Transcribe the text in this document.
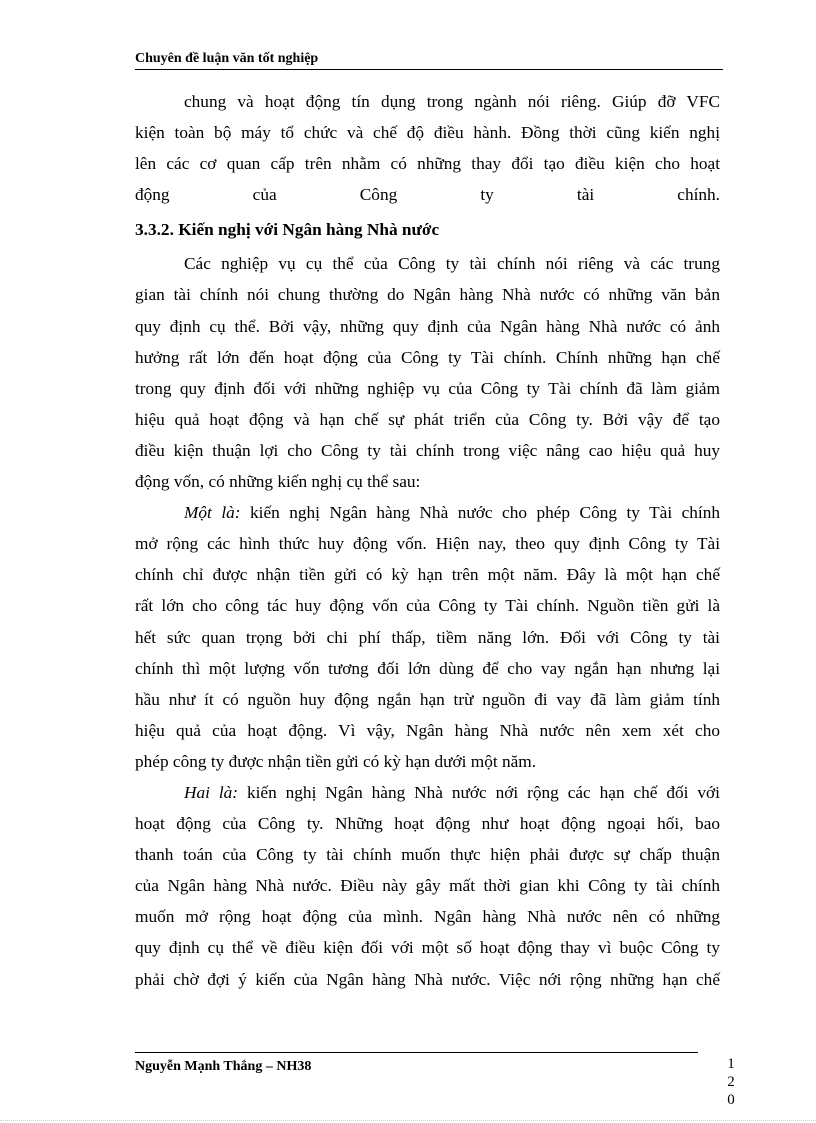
Chuyên đề luận văn tốt nghiệp
chung và hoạt động tín dụng trong ngành nói riêng. Giúp đỡ VFC
kiện toàn bộ máy tổ chức và chế độ điều hành. Đồng thời cũng kiến nghị
lên các cơ quan cấp trên nhằm có những thay đổi tạo điều kiện cho hoạt
động của Công ty tài chính.
3.3.2. Kiến nghị với Ngân hàng Nhà nước
Các nghiệp vụ cụ thể của Công ty tài chính nói riêng và các trung
gian tài chính nói chung thường do Ngân hàng Nhà nước có những văn bản
quy định cụ thể. Bởi vậy, những quy định của Ngân hàng Nhà nước có ảnh
hưởng rất lớn đến hoạt động của Công ty Tài chính. Chính những hạn chế
trong quy định đối với những nghiệp vụ của Công ty Tài chính đã làm giảm
hiệu quả hoạt động và hạn chế sự phát triển của Công ty. Bởi vậy để tạo
điều kiện thuận lợi cho Công ty tài chính trong việc nâng cao hiệu quả huy
động vốn, có những kiến nghị cụ thể sau:
Một là: kiến nghị Ngân hàng Nhà nước cho phép Công ty Tài chính
mở rộng các hình thức huy động vốn. Hiện nay, theo quy định Công ty Tài
chính chỉ được nhận tiền gửi có kỳ hạn trên một năm. Đây là một hạn chế
rất lớn cho công tác huy động vốn của Công ty Tài chính. Nguồn tiền gửi là
hết sức quan trọng bởi chi phí thấp, tiềm năng lớn. Đối với Công ty tài
chính thì một lượng vốn tương đối lớn dùng để cho vay ngắn hạn nhưng lại
hầu như ít có nguồn huy động ngắn hạn trừ nguồn đi vay đã làm giảm tính
hiệu quả của hoạt động. Vì vậy, Ngân hàng Nhà nước nên xem xét cho
phép công ty được nhận tiền gửi có kỳ hạn dưới một năm.
Hai là: kiến nghị Ngân hàng Nhà nước nới rộng các hạn chế đối với
hoạt động của Công ty. Những hoạt động như hoạt động ngoại hối, bao
thanh toán của Công ty tài chính muốn thực hiện phải được sự chấp thuận
của Ngân hàng Nhà nước. Điều này gây mất thời gian khi Công ty tài chính
muốn mở rộng hoạt động của mình. Ngân hàng Nhà nước nên có những
quy định cụ thể về điều kiện đối với một số hoạt động thay vì buộc Công ty
phải chờ đợi ý kiến của Ngân hàng Nhà nước. Việc nới rộng những hạn chế
Nguyễn Mạnh Thắng – NH38	1
2
0
